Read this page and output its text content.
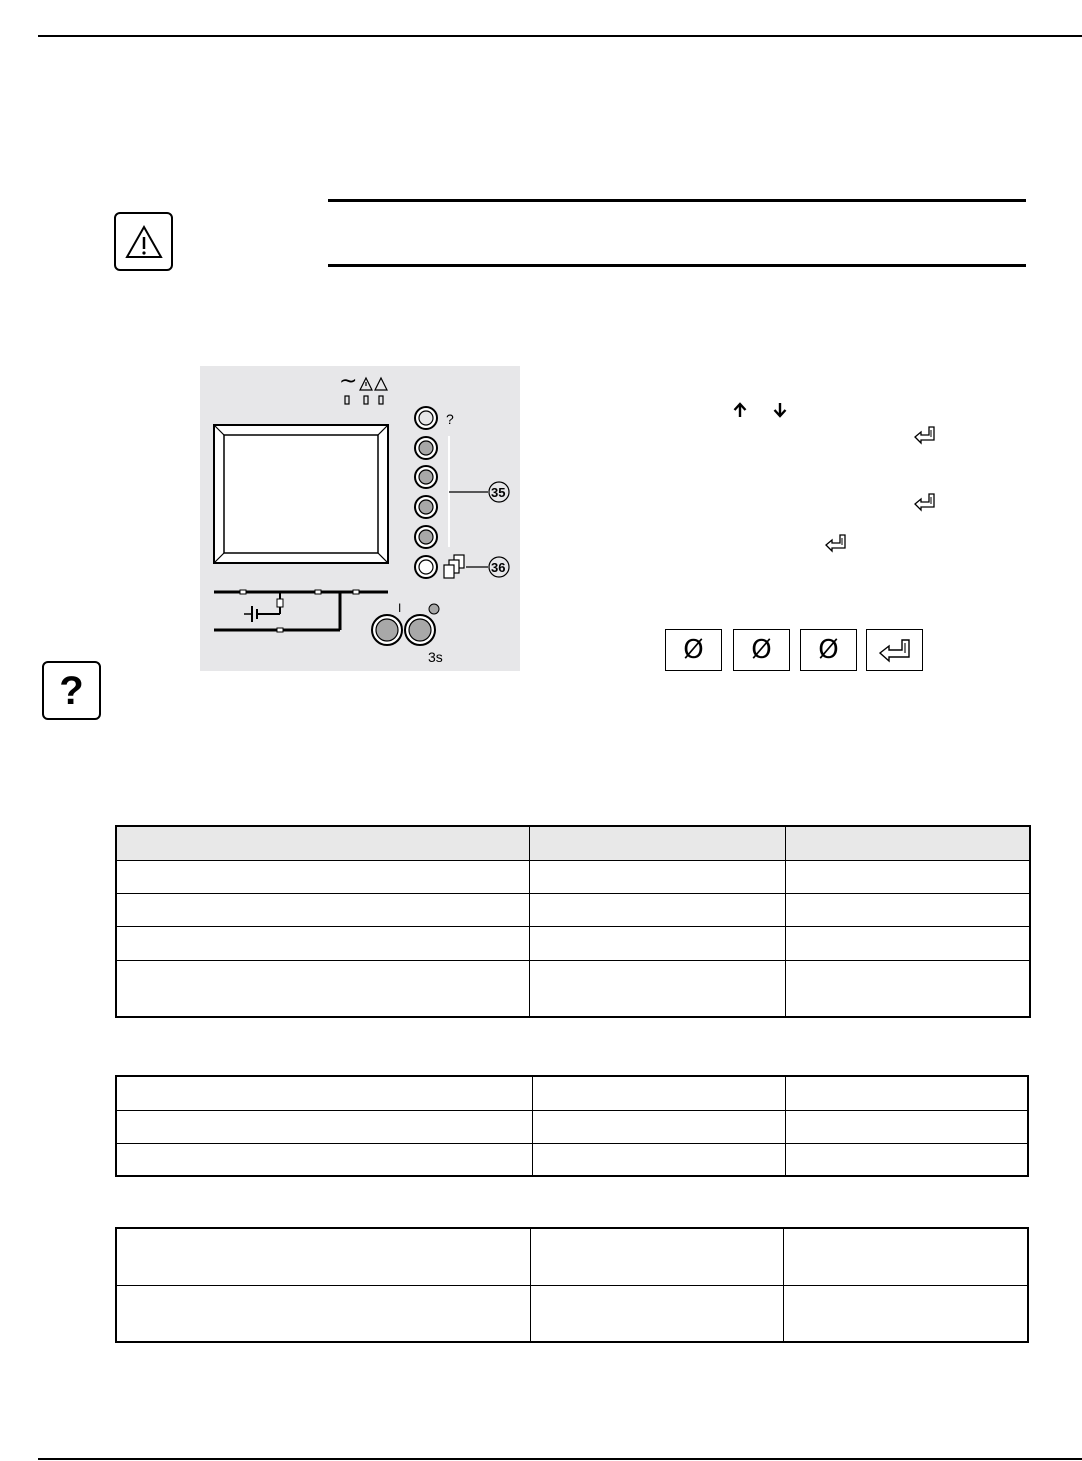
?
~
?
35
36
I
3s	Ø Ø Ø
